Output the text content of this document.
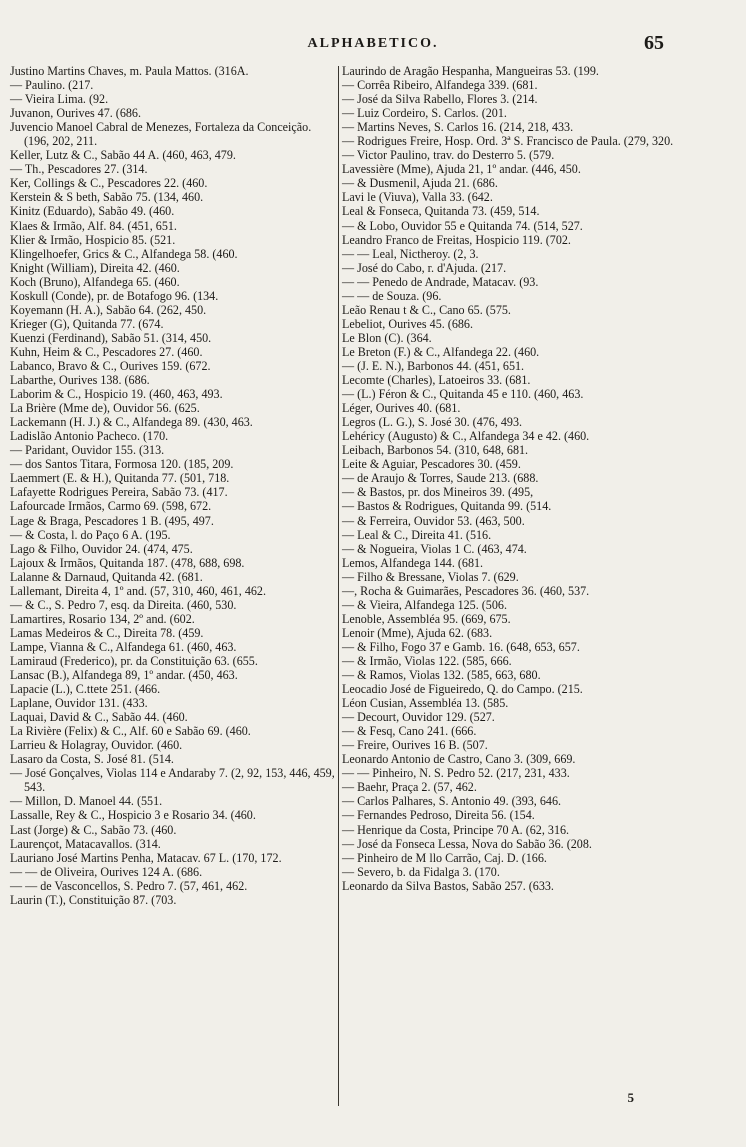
ALPHABETICO.	65
Justino Martins Chaves, m. Paula Mattos. (316A.
— Paulino. (217.
— Vieira Lima. (92.
Juvanon, Ourives 47. (686.
Juvencio Manoel Cabral de Menezes, Fortaleza da Conceição. (196, 202, 211.
Keller, Lutz & C., Sabão 44 A. (460, 463, 479.
— Th., Pescadores 27. (314.
Ker, Collings & C., Pescadores 22. (460.
Kerstein & S beth, Sabão 75. (134, 460.
Kinitz (Eduardo), Sabão 49. (460.
Klaes & Irmão, Alf. 84. (451, 651.
Klier & Irmão, Hospicio 85. (521.
Klingelhoefer, Grics & C., Alfandega 58. (460.
Knight (William), Direita 42. (460.
Koch (Bruno), Alfandega 65. (460.
Koskull (Conde), pr. de Botafogo 96. (134.
Koyemann (H. A.), Sabão 64. (262, 450.
Krieger (G), Quitanda 77. (674.
Kuenzi (Ferdinand), Sabão 51. (314, 450.
Kuhn, Heim & C., Pescadores 27. (460.
Labanco, Bravo & C., Ourives 159. (672.
Labarthe, Ourives 138. (686.
Laborim & C., Hospicio 19. (460, 463, 493.
La Brière (Mme de), Ouvidor 56. (625.
Lackemann (H. J.) & C., Alfandega 89. (430, 463.
Ladislão Antonio Pacheco. (170.
— Paridant, Ouvidor 155. (313.
— dos Santos Titara, Formosa 120. (185, 209.
Laemmert (E. & H.), Quitanda 77. (501, 718.
Lafayette Rodrigues Pereira, Sabão 73. (417.
Lafourcade Irmãos, Carmo 69. (598, 672.
Lage & Braga, Pescadores 1 B. (495, 497.
— & Costa, l. do Paço 6 A. (195.
Lago & Filho, Ouvidor 24. (474, 475.
Lajoux & Irmãos, Quitanda 187. (478, 688, 698.
Lalanne & Darnaud, Quitanda 42. (681.
Lallemant, Direita 4, 1º and. (57, 310, 460, 461, 462.
— & C., S. Pedro 7, esq. da Direita. (460, 530.
Lamartires, Rosario 134, 2º and. (602.
Lamas Medeiros & C., Direita 78. (459.
Lampe, Vianna & C., Alfandega 61. (460, 463.
Lamiraud (Frederico), pr. da Constituição 63. (655.
Lansac (B.), Alfandega 89, 1º andar. (450, 463.
Lapacie (L.), C.ttete 251. (466.
Laplane, Ouvidor 131. (433.
Laquai, David & C., Sabão 44. (460.
La Rivière (Felix) & C., Alf. 60 e Sabão 69. (460.
Larrieu & Holagray, Ouvidor. (460.
Lasaro da Costa, S. José 81. (514.
— José Gonçalves, Violas 114 e Andaraby 7. (2, 92, 153, 446, 459, 543.
— Millon, D. Manoel 44. (551.
Lassalle, Rey & C., Hospicio 3 e Rosario 34. (460.
Last (Jorge) & C., Sabão 73. (460.
Laurençot, Matacavallos. (314.
Lauriano José Martins Penha, Matacav. 67 L. (170, 172.
— — de Oliveira, Ourives 124 A. (686.
— — de Vasconcellos, S. Pedro 7. (57, 461, 462.
Laurin (T.), Constituição 87. (703.
Laurindo de Aragão Hespanha, Mangueiras 53. (199.
— Corrêa Ribeiro, Alfandega 339. (681.
— José da Silva Rabello, Flores 3. (214.
— Luiz Cordeiro, S. Carlos. (201.
— Martins Neves, S. Carlos 16. (214, 218, 433.
— Rodrigues Freire, Hosp. Ord. 3ª S. Francisco de Paula. (279, 320.
— Victor Paulino, trav. do Desterro 5. (579.
Lavessière (Mme), Ajuda 21, 1º andar. (446, 450.
— & Dusmenil, Ajuda 21. (686.
Lavi le (Viuva), Valla 33. (642.
Leal & Fonseca, Quitanda 73. (459, 514.
— & Lobo, Ouvidor 55 e Quitanda 74. (514, 527.
Leandro Franco de Freitas, Hospicio 119. (702.
— — Leal, Nictheroy. (2, 3.
— José do Cabo, r. d'Ajuda. (217.
— — Penedo de Andrade, Matacav. (93.
— — de Souza. (96.
Leão Renau t & C., Cano 65. (575.
Lebeliot, Ourives 45. (686.
Le Blon (C). (364.
Le Breton (F.) & C., Alfandega 22. (460.
— (J. E. N.), Barbonos 44. (451, 651.
Lecomte (Charles), Latoeiros 33. (681.
— (L.) Féron & C., Quitanda 45 e 110. (460, 463.
Léger, Ourives 40. (681.
Legros (L. G.), S. José 30. (476, 493.
Lehéricy (Augusto) & C., Alfandega 34 e 42. (460.
Leibach, Barbonos 54. (310, 648, 681.
Leite & Aguiar, Pescadores 30. (459.
— de Araujo & Torres, Saude 213. (688.
— & Bastos, pr. dos Mineiros 39. (495,
— Bastos & Rodrigues, Quitanda 99. (514.
— & Ferreira, Ouvidor 53. (463, 500.
— Leal & C., Direita 41. (516.
— & Nogueira, Violas 1 C. (463, 474.
Lemos, Alfandega 144. (681.
— Filho & Bressane, Violas 7. (629.
—, Rocha & Guimarães, Pescadores 36. (460, 537.
— & Vieira, Alfandega 125. (506.
Lenoble, Assembléa 95. (669, 675.
Lenoir (Mme), Ajuda 62. (683.
— & Filho, Fogo 37 e Gamb. 16. (648, 653, 657.
— & Irmão, Violas 122. (585, 666.
— & Ramos, Violas 132. (585, 663, 680.
Leocadio José de Figueiredo, Q. do Campo. (215.
Léon Cusian, Assembléa 13. (585.
— Decourt, Ouvidor 129. (527.
— & Fesq, Cano 241. (666.
— Freire, Ourives 16 B. (507.
Leonardo Antonio de Castro, Cano 3. (309, 669.
— — Pinheiro, N. S. Pedro 52. (217, 231, 433.
— Baehr, Praça 2. (57, 462.
— Carlos Palhares, S. Antonio 49. (393, 646.
— Fernandes Pedroso, Direita 56. (154.
— Henrique da Costa, Principe 70 A. (62, 316.
— José da Fonseca Lessa, Nova do Sabão 36. (208.
— Pinheiro de M llo Carrão, Caj. D. (166.
— Severo, b. da Fidalga 3. (170.
Leonardo da Silva Bastos, Sabão 257. (633.
5
